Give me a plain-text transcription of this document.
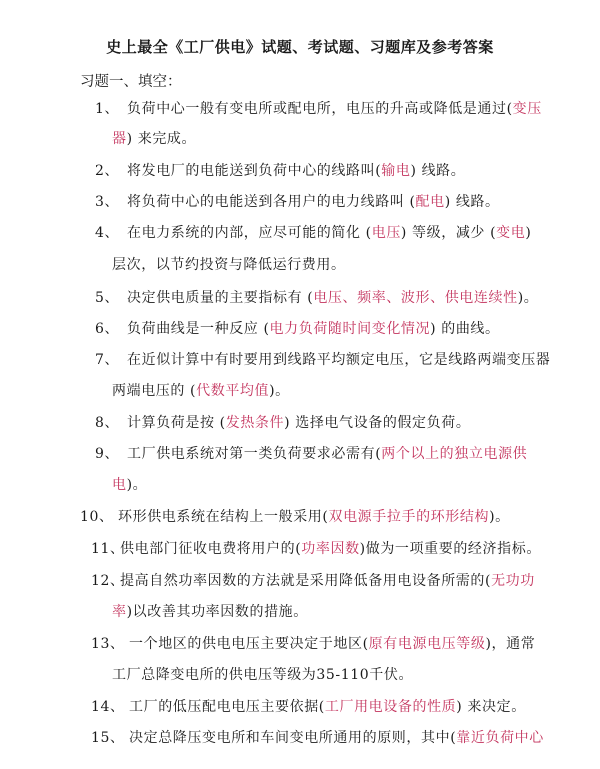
史上最全《工厂供电》试题、考试题、习题库及参考答案
习题一、填空：
1、 负荷中心一般有变电所或配电所，电压的升高或降低是通过(变压
器) 来完成。
2、 将发电厂的电能送到负荷中心的线路叫(输电) 线路。
3、 将负荷中心的电能送到各用户的电力线路叫 (配电) 线路。
4、 在电力系统的内部，应尽可能的简化 (电压) 等级，减少 (变电)
层次，以节约投资与降低运行费用。
5、 决定供电质量的主要指标有 (电压、频率、波形、供电连续性)。
6、 负荷曲线是一种反应 (电力负荷随时间变化情况) 的曲线。
7、 在近似计算中有时要用到线路平均额定电压，它是线路两端变压器
两端电压的 (代数平均值)。
8、 计算负荷是按 (发热条件) 选择电气设备的假定负荷。
9、 工厂供电系统对第一类负荷要求必需有(两个以上的独立电源供
电)。
10、 环形供电系统在结构上一般采用(双电源手拉手的环形结构)。
11、供电部门征收电费将用户的(功率因数)做为一项重要的经济指标。
12、提高自然功率因数的方法就是采用降低备用电设备所需的(无功功
率)以改善其功率因数的措施。
13、 一个地区的供电电压主要决定于地区(原有电源电压等级)，通常
工厂总降变电所的供电压等级为35-110千伏。
14、 工厂的低压配电电压主要依据(工厂用电设备的性质) 来决定。
15、 决定总降压变电所和车间变电所通用的原则，其中(靠近负荷中心
